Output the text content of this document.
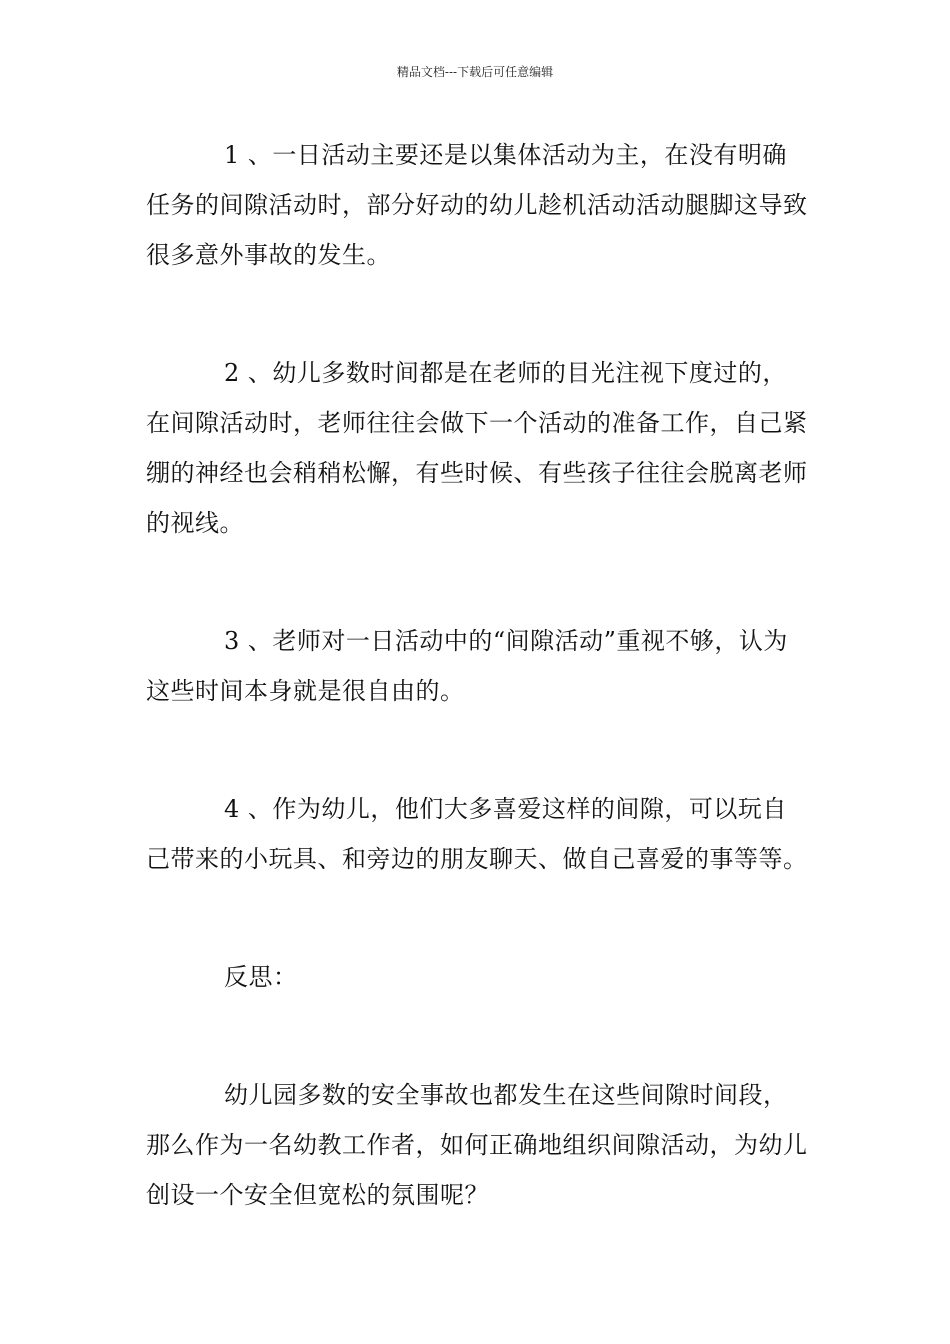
精品文档---下载后可任意编辑

1 、一日活动主要还是以集体活动为主，在没有明确任务的间隙活动时，部分好动的幼儿趁机活动活动腿脚这导致很多意外事故的发生。

2 、幼儿多数时间都是在老师的目光注视下度过的，在间隙活动时，老师往往会做下一个活动的准备工作，自己紧绷的神经也会稍稍松懈，有些时候、有些孩子往往会脱离老师的视线。

3 、老师对一日活动中的“间隙活动”重视不够，认为这些时间本身就是很自由的。

4 、作为幼儿，他们大多喜爱这样的间隙，可以玩自己带来的小玩具、和旁边的朋友聊天、做自己喜爱的事等等。

反思：

幼儿园多数的安全事故也都发生在这些间隙时间段，那么作为一名幼教工作者，如何正确地组织间隙活动，为幼儿创设一个安全但宽松的氛围呢？
